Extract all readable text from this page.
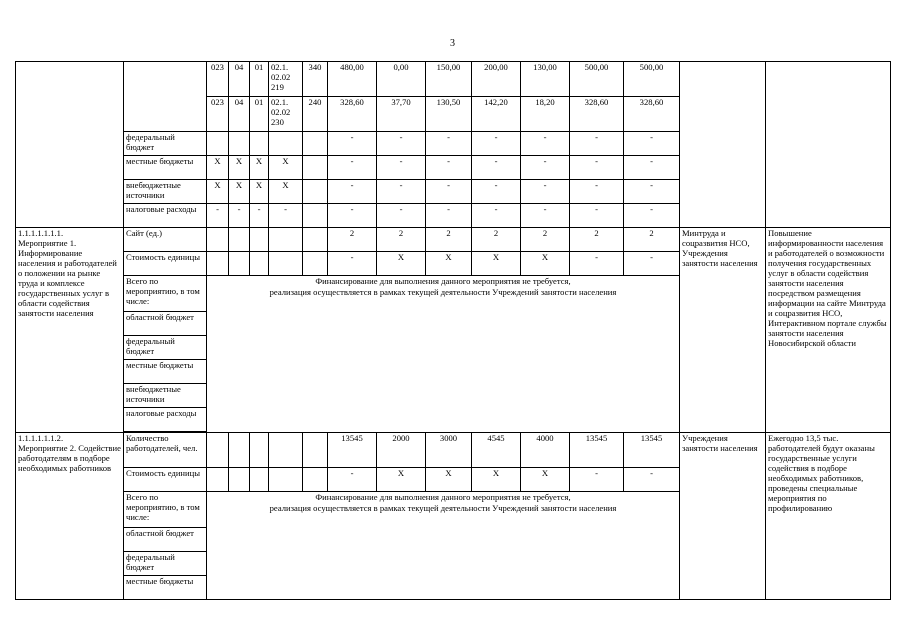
3
		023	04	01	02.1.
02.02
219	340	480,00	0,00	150,00	200,00	130,00	500,00	500,00		
		023	04	01	02.1.
02.02
230	240	328,60	37,70	130,50	142,20	18,20	328,60	328,60		
	федеральный бюджет						-	-	-	-	-	-	-		
	местные бюджеты	X	X	X	X		-	-	-	-	-	-	-		
	внебюджетные источники	X	X	X	X		-	-	-	-	-	-	-		
	налоговые расходы	-	-	-	-		-	-	-	-	-	-	-		
1.1.1.1.1.1.1.
Мероприятие 1. Информирование населения и работодателей о положении на рынке труда и комплексе государственных услуг в области содействия занятости населения	Сайт (ед.)						2	2	2	2	2	2	2	Минтруда и соцразвития НСО, Учреждения занятости населения	Повышение информированности населения и работодателей о возможности получения государственных услуг в области содействия занятости населения посредством размещения информации на сайте Минтруда и соцразвития НСО, Интерактивном портале службы занятости населения Новосибирской области
	Стоимость единицы						-	X	X	X	X	-	-		
	Всего по мероприятию, в том числе:	Финансирование для выполнения данного мероприятия не требуется,
реализация осуществляется в рамках текущей деятельности Учреждений занятости населения													

	областной бюджет														
	федеральный бюджет														
	местные бюджеты														
	внебюджетные источники														
	налоговые расходы														

1.1.1.1.1.1.2.
Мероприятие 2. Содействие работодателям в подборе необходимых работников	Количество работодателей, чел.						13545	2000	3000	4545	4000	13545	13545	Учреждения занятости населения	Ежегодно 13,5 тыс. работодателей будут оказаны государственные услуги содействия в подборе необходимых работников, проведены специальные мероприятия по профилированию
	Стоимость единицы						-	X	X	X	X	-	-		
	Всего по мероприятию, в том числе:	Финансирование для выполнения данного мероприятия не требуется,
реализация осуществляется в рамках текущей деятельности Учреждений занятости населения													

	областной бюджет														
	федеральный бюджет														
	местные бюджеты														
